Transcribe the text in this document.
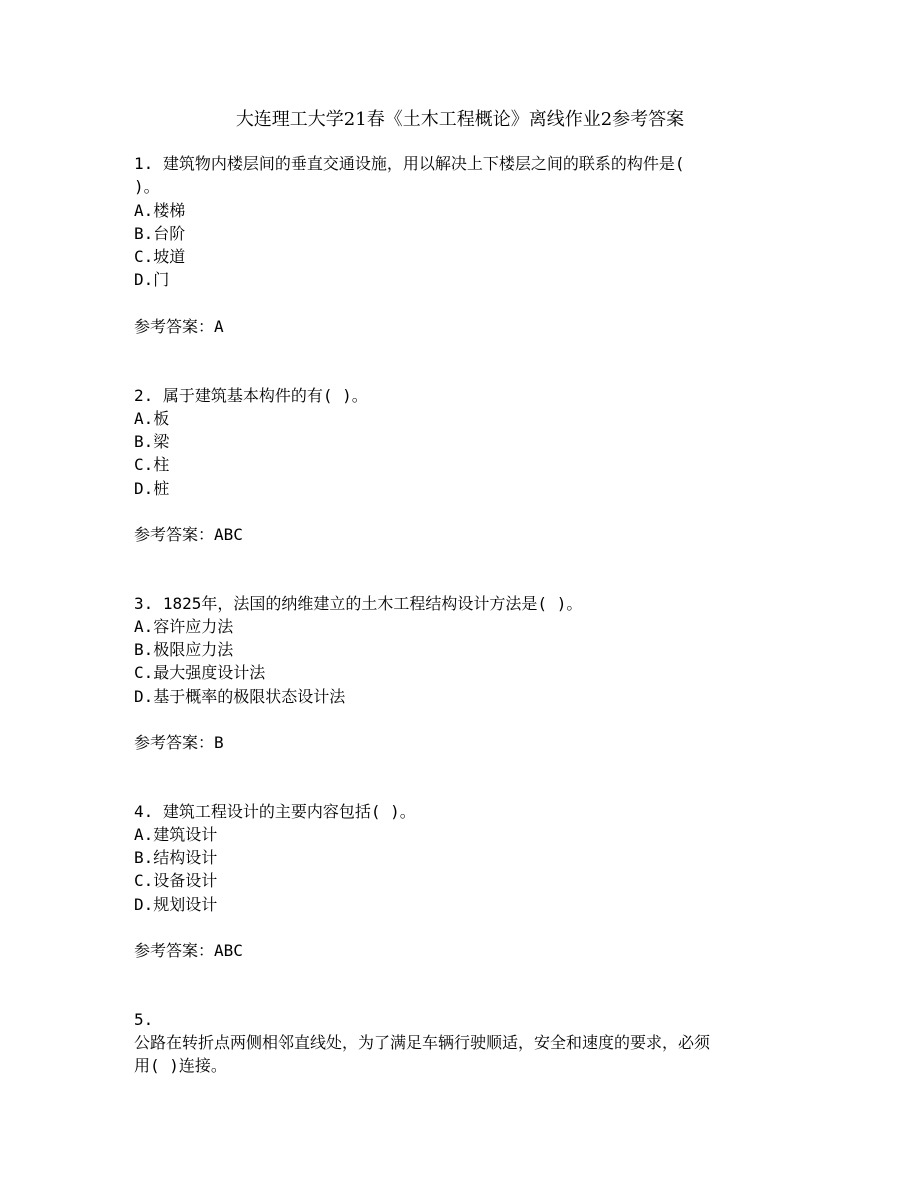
大连理工大学21春《土木工程概论》离线作业2参考答案
1. 建筑物内楼层间的垂直交通设施，用以解决上下楼层之间的联系的构件是(
)。
A.楼梯
B.台阶
C.坡道
D.门
参考答案：A
2. 属于建筑基本构件的有( )。
A.板
B.梁
C.柱
D.桩
参考答案：ABC
3. 1825年，法国的纳维建立的土木工程结构设计方法是( )。
A.容许应力法
B.极限应力法
C.最大强度设计法
D.基于概率的极限状态设计法
参考答案：B
4. 建筑工程设计的主要内容包括( )。
A.建筑设计
B.结构设计
C.设备设计
D.规划设计
参考答案：ABC
5.
公路在转折点两侧相邻直线处，为了满足车辆行驶顺适，安全和速度的要求，必须
用( )连接。
